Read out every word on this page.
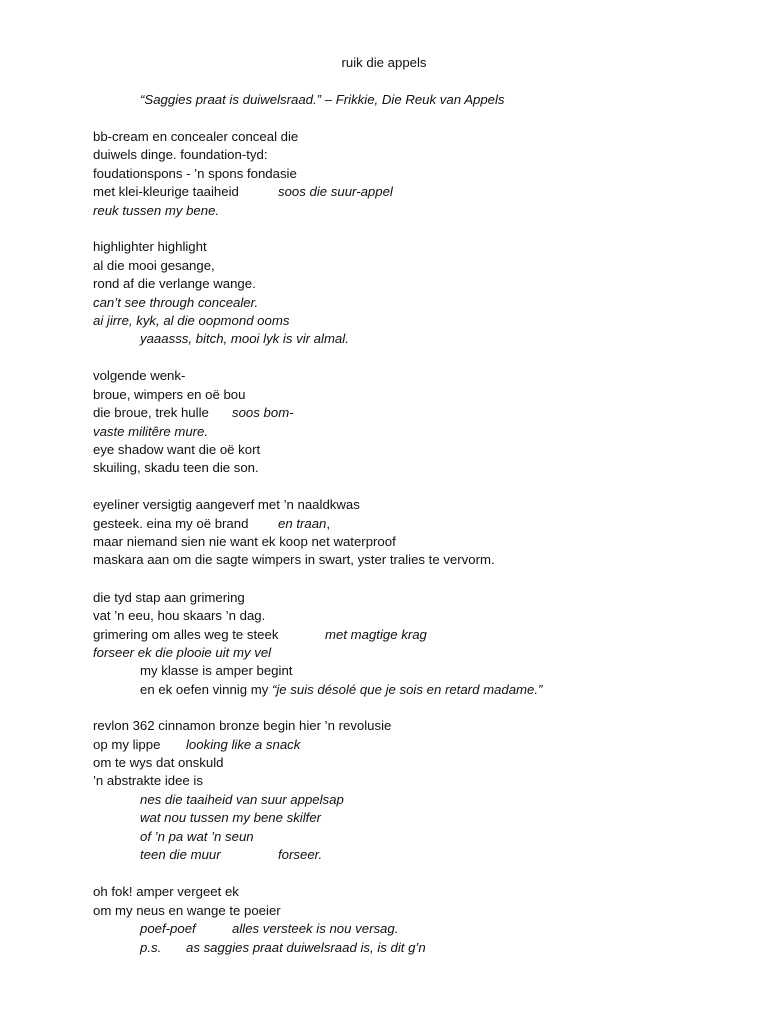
ruik die appels
“Saggies praat is duiwelsraad.” – Frikkie, Die Reuk van Appels
bb-cream en concealer conceal die
duiwels dinge. foundation-tyd:
foudationspons - ’n spons fondasie
met klei-kleurige taaiheid	soos die suur-appel
reuk tussen my bene.
highlighter highlight
al die mooi gesange,
rond af die verlange wange.
can’t see through concealer.
ai jirre, kyk, al die oopmond ooms
yaaasss, bitch, mooi lyk is vir almal.
volgende wenk-
broue, wimpers en oë bou
die broue, trek hulle soos bom-
vaste militêre mure.
eye shadow want die oë kort
skuiling, skadu teen die son.
eyeliner versigtig aangeverf met ’n naaldkwas
gesteek. eina my oë brand en traan,
maar niemand sien nie want ek koop net waterproof
maskara aan om die sagte wimpers in swart, yster tralies te vervorm.
die tyd stap aan grimering
vat ’n eeu, hou skaars ’n dag.
grimering om alles weg te steek	met magtige krag
forseer ek die plooie uit my vel
my klasse is amper begint
en ek oefen vinnig my “je suis désolé que je sois en retard madame.”
revlon 362 cinnamon bronze begin hier ’n revolusie
op my lippe looking like a snack
om te wys dat onskuld
’n abstrakte idee is
nes die taaiheid van suur appelsap
wat nou tussen my bene skilfer
of ’n pa wat ’n seun
teen die muur	forseer.
oh fok! amper vergeet ek
om my neus en wange te poeier
poef-poef	alles versteek is nou versag.
p.s. as saggies praat duiwelsraad is, is dit g’n
